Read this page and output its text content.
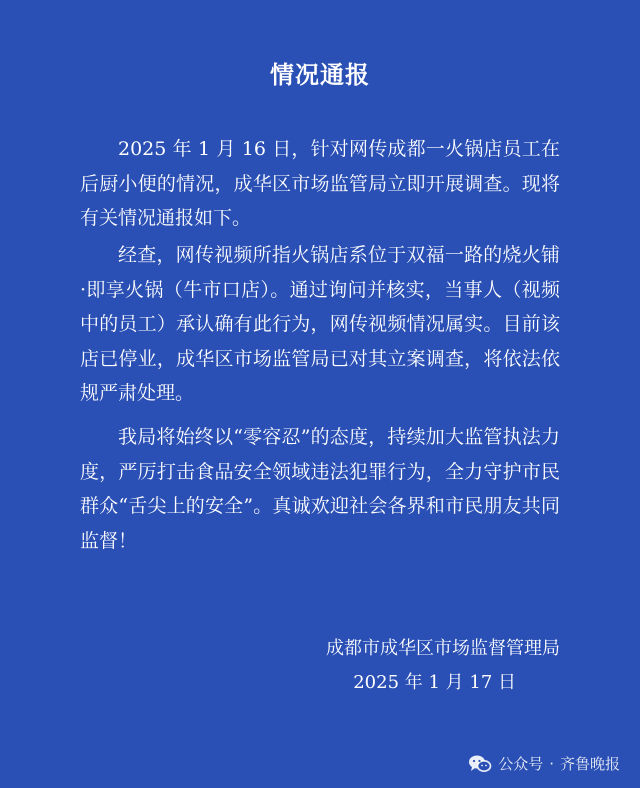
情况通报

2025 年 1 月 16 日，针对网传成都一火锅店员工在后厨小便的情况，成华区市场监管局立即开展调查。现将有关情况通报如下。

经查，网传视频所指火锅店系位于双福一路的烧火铺·即享火锅（牛市口店）。通过询问并核实，当事人（视频中的员工）承认确有此行为，网传视频情况属实。目前该店已停业，成华区市场监管局已对其立案调查，将依法依规严肃处理。

我局将始终以“零容忍”的态度，持续加大监管执法力度，严厉打击食品安全领域违法犯罪行为，全力守护市民群众“舌尖上的安全”。真诚欢迎社会各界和市民朋友共同监督！

成都市成华区市场监督管理局
2025 年 1 月 17 日
公众号 · 齐鲁晚报
